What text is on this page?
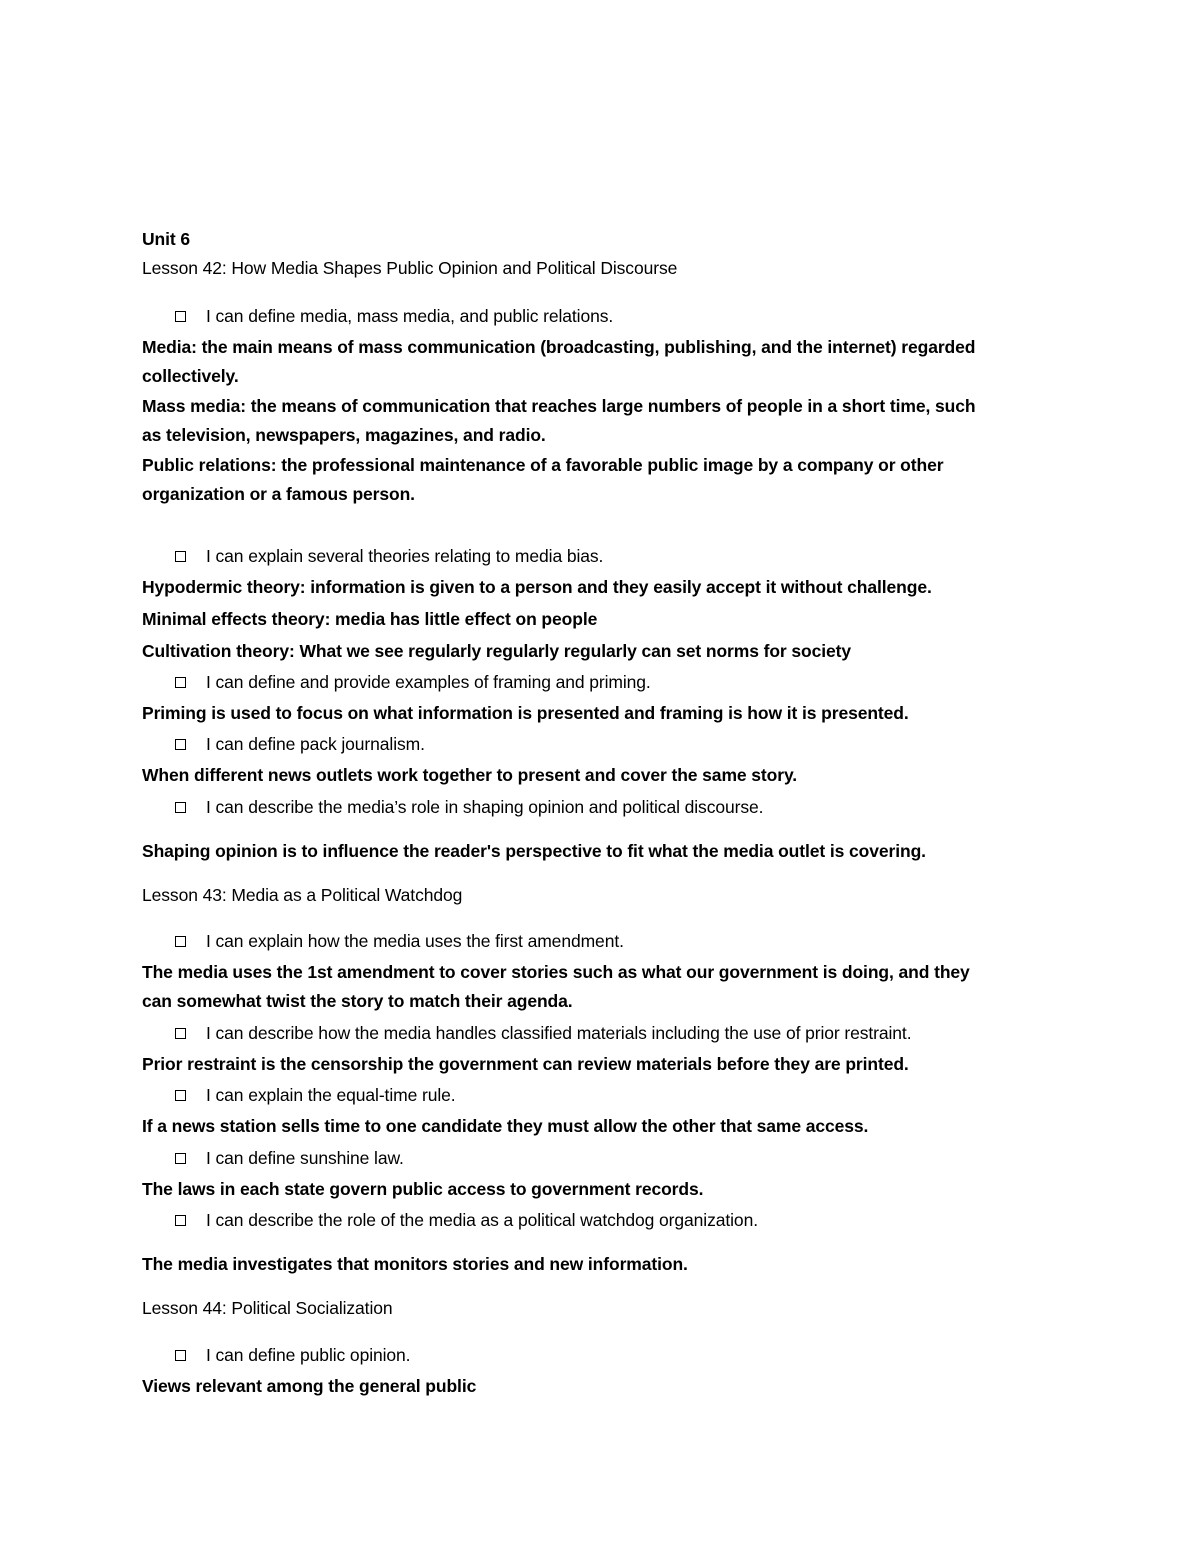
Unit 6
Lesson 42: How Media Shapes Public Opinion and Political Discourse
I can define media, mass media, and public relations.
Media: the main means of mass communication (broadcasting, publishing, and the internet) regarded
collectively.
Mass media: the means of communication that reaches large numbers of people in a short time, such
as television, newspapers, magazines, and radio.
Public relations: the professional maintenance of a favorable public image by a company or other
organization or a famous person.
I can explain several theories relating to media bias.
Hypodermic theory: information is given to a person and they easily accept it without challenge.
Minimal effects theory: media has little effect on people
Cultivation theory: What we see regularly regularly regularly can set norms for society
I can define and provide examples of framing and priming.
Priming is used to focus on what information is presented and framing is how it is presented.
I can define pack journalism.
When different news outlets work together to present and cover the same story.
I can describe the media’s role in shaping opinion and political discourse.
Shaping opinion is to influence the reader's perspective to fit what the media outlet is covering.
Lesson 43: Media as a Political Watchdog
I can explain how the media uses the first amendment.
The media uses the 1st amendment to cover stories such as what our government is doing, and they
can somewhat twist the story to match their agenda.
I can describe how the media handles classified materials including the use of prior restraint.
Prior restraint is the censorship the government can review materials before they are printed.
I can explain the equal-time rule.
If a news station sells time to one candidate they must allow the other that same access.
I can define sunshine law.
The laws in each state govern public access to government records.
I can describe the role of the media as a political watchdog organization.
The media investigates that monitors stories and new information.
Lesson 44: Political Socialization
I can define public opinion.
Views relevant among the general public
